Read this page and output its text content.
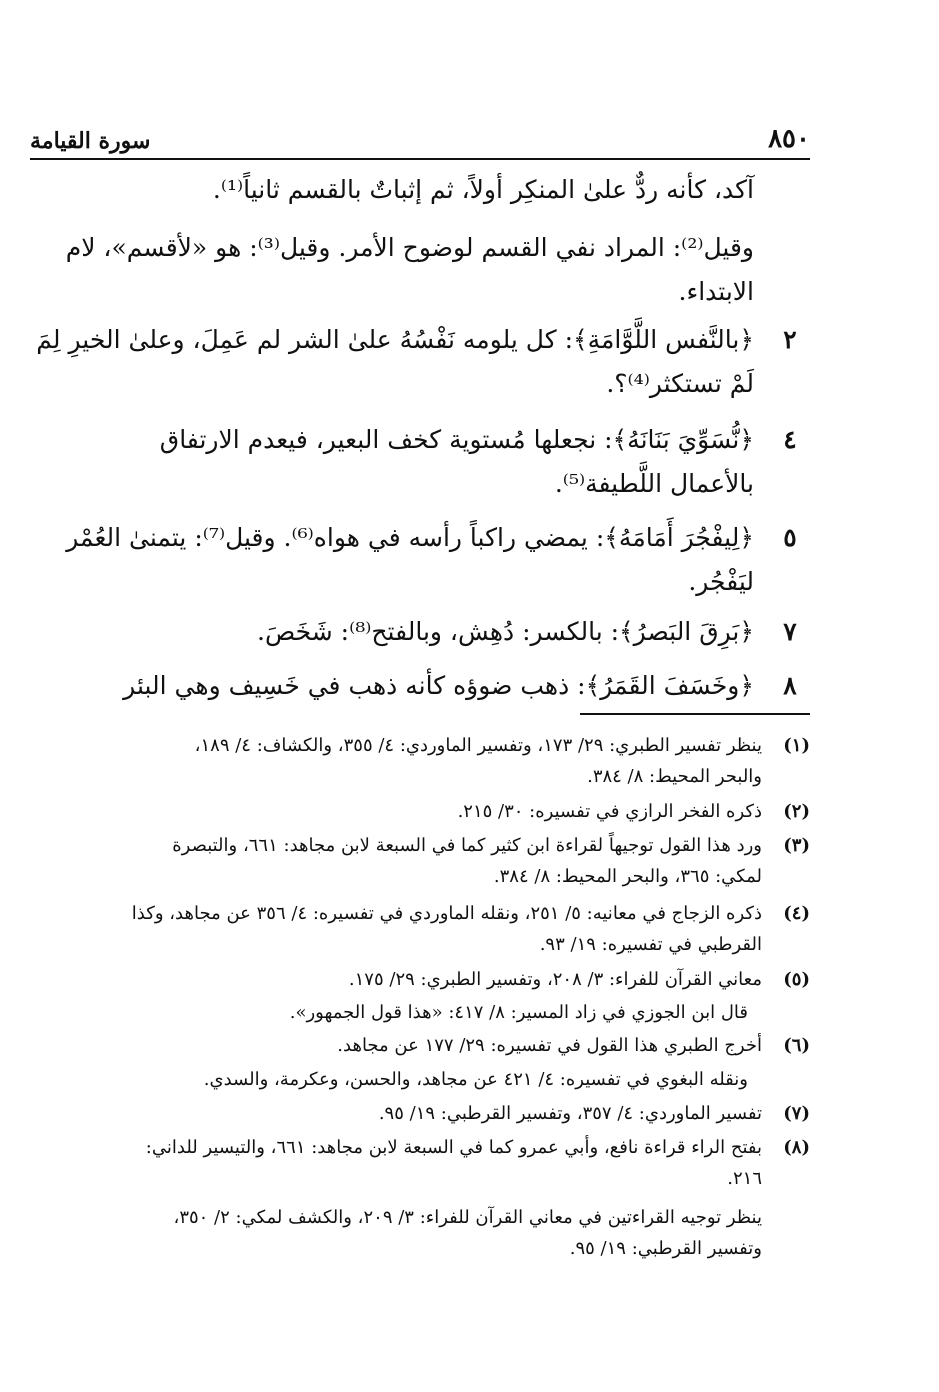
٨٥٠
سورة القيامة
آكد، كأنه ردٌّ علىٰ المنكِر أولاً، ثم إثباتٌ بالقسم ثانياً⁽¹⁾.
وقيل⁽²⁾: المراد نفي القسم لوضوح الأمر. وقيل⁽³⁾: هو «لأقسم»، لام
الابتداء.
٢
﴿بالنَّفس اللَّوَّامَةِ﴾: كل يلومه نَفْسُهُ علىٰ الشر لم عَمِلَ، وعلىٰ الخيرِ لِمَ
لَمْ تستكثر⁽⁴⁾؟.
٤
﴿نُّسَوِّيَ بَنَانَهُ﴾: نجعلها مُستوية كخف البعير، فيعدم الارتفاق
بالأعمال اللَّطيفة⁽⁵⁾.
٥
﴿لِيفْجُرَ أَمَامَهُ﴾: يمضي راكباً رأسه في هواه⁽⁶⁾. وقيل⁽⁷⁾: يتمنىٰ العُمْر
ليَفْجُر.
٧
﴿بَرِقَ البَصرُ﴾: بالكسر: دُهِش، وبالفتح⁽⁸⁾: شَخَصَ.
٨
﴿وخَسَفَ القَمَرُ﴾: ذهب ضوؤه كأنه ذهب في خَسِيف وهي البئر
(١)
ينظر تفسير الطبري: ٢٩/ ١٧٣، وتفسير الماوردي: ٤/ ٣٥٥، والكشاف: ٤/ ١٨٩،
والبحر المحيط: ٨/ ٣٨٤.
(٢)
ذكره الفخر الرازي في تفسيره: ٣٠/ ٢١٥.
(٣)
ورد هذا القول توجيهاً لقراءة ابن كثير كما في السبعة لابن مجاهد: ٦٦١، والتبصرة
لمكي: ٣٦٥، والبحر المحيط: ٨/ ٣٨٤.
(٤)
ذكره الزجاج في معانيه: ٥/ ٢٥١، ونقله الماوردي في تفسيره: ٤/ ٣٥٦ عن مجاهد، وكذا
القرطبي في تفسيره: ١٩/ ٩٣.
(٥)
معاني القرآن للفراء: ٣/ ٢٠٨، وتفسير الطبري: ٢٩/ ١٧٥.
قال ابن الجوزي في زاد المسير: ٨/ ٤١٧: «هذا قول الجمهور».
(٦)
أخرج الطبري هذا القول في تفسيره: ٢٩/ ١٧٧ عن مجاهد.
ونقله البغوي في تفسيره: ٤/ ٤٢١ عن مجاهد، والحسن، وعكرمة، والسدي.
(٧)
تفسير الماوردي: ٤/ ٣٥٧، وتفسير القرطبي: ١٩/ ٩٥.
(٨)
بفتح الراء قراءة نافع، وأبي عمرو كما في السبعة لابن مجاهد: ٦٦١، والتيسير للداني:
٢١٦.
ينظر توجيه القراءتين في معاني القرآن للفراء: ٣/ ٢٠٩، والكشف لمكي: ٢/ ٣٥٠،
وتفسير القرطبي: ١٩/ ٩٥.
